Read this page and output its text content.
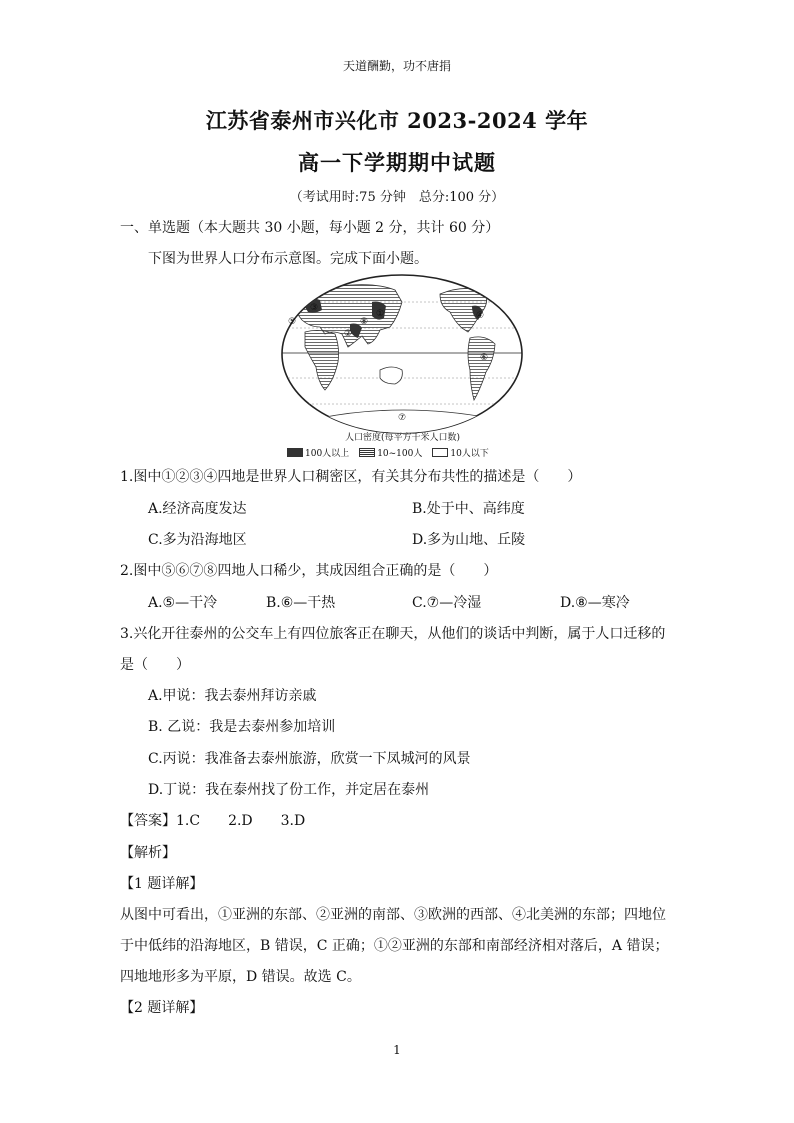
天道酬勤，功不唐捐
江苏省泰州市兴化市 2023-2024 学年
高一下学期期中试题
（考试用时:75 分钟　总分:100 分）
一、单选题（本大题共 30 小题，每小题 2 分，共计 60 分）
下图为世界人口分布示意图。完成下面小题。
①
②
③
④
⑤
⑥
⑦
⑧
人口密度(每平方千米人口数)
100人以上	10~100人	10人以下
1.图中①②③④四地是世界人口稠密区，有关其分布共性的描述是（　　）
A.经济高度发达	B.处于中、高纬度
C.多为沿海地区	D.多为山地、丘陵
2.图中⑤⑥⑦⑧四地人口稀少，其成因组合正确的是（　　）
A.⑤—干冷	B.⑥—干热	C.⑦—冷湿	D.⑧—寒冷
3.兴化开往泰州的公交车上有四位旅客正在聊天，从他们的谈话中判断，属于人口迁移的
是（　　）
A.甲说：我去泰州拜访亲戚
B. 乙说：我是去泰州参加培训
C.丙说：我准备去泰州旅游，欣赏一下凤城河的风景
D.丁说：我在泰州找了份工作，并定居在泰州
【答案】1.C　　2.D　　3.D
【解析】
【1 题详解】
从图中可看出，①亚洲的东部、②亚洲的南部、③欧洲的西部、④北美洲的东部；四地位
于中低纬的沿海地区，B 错误，C 正确；①②亚洲的东部和南部经济相对落后，A 错误；
四地地形多为平原，D 错误。故选 C。
【2 题详解】
1
